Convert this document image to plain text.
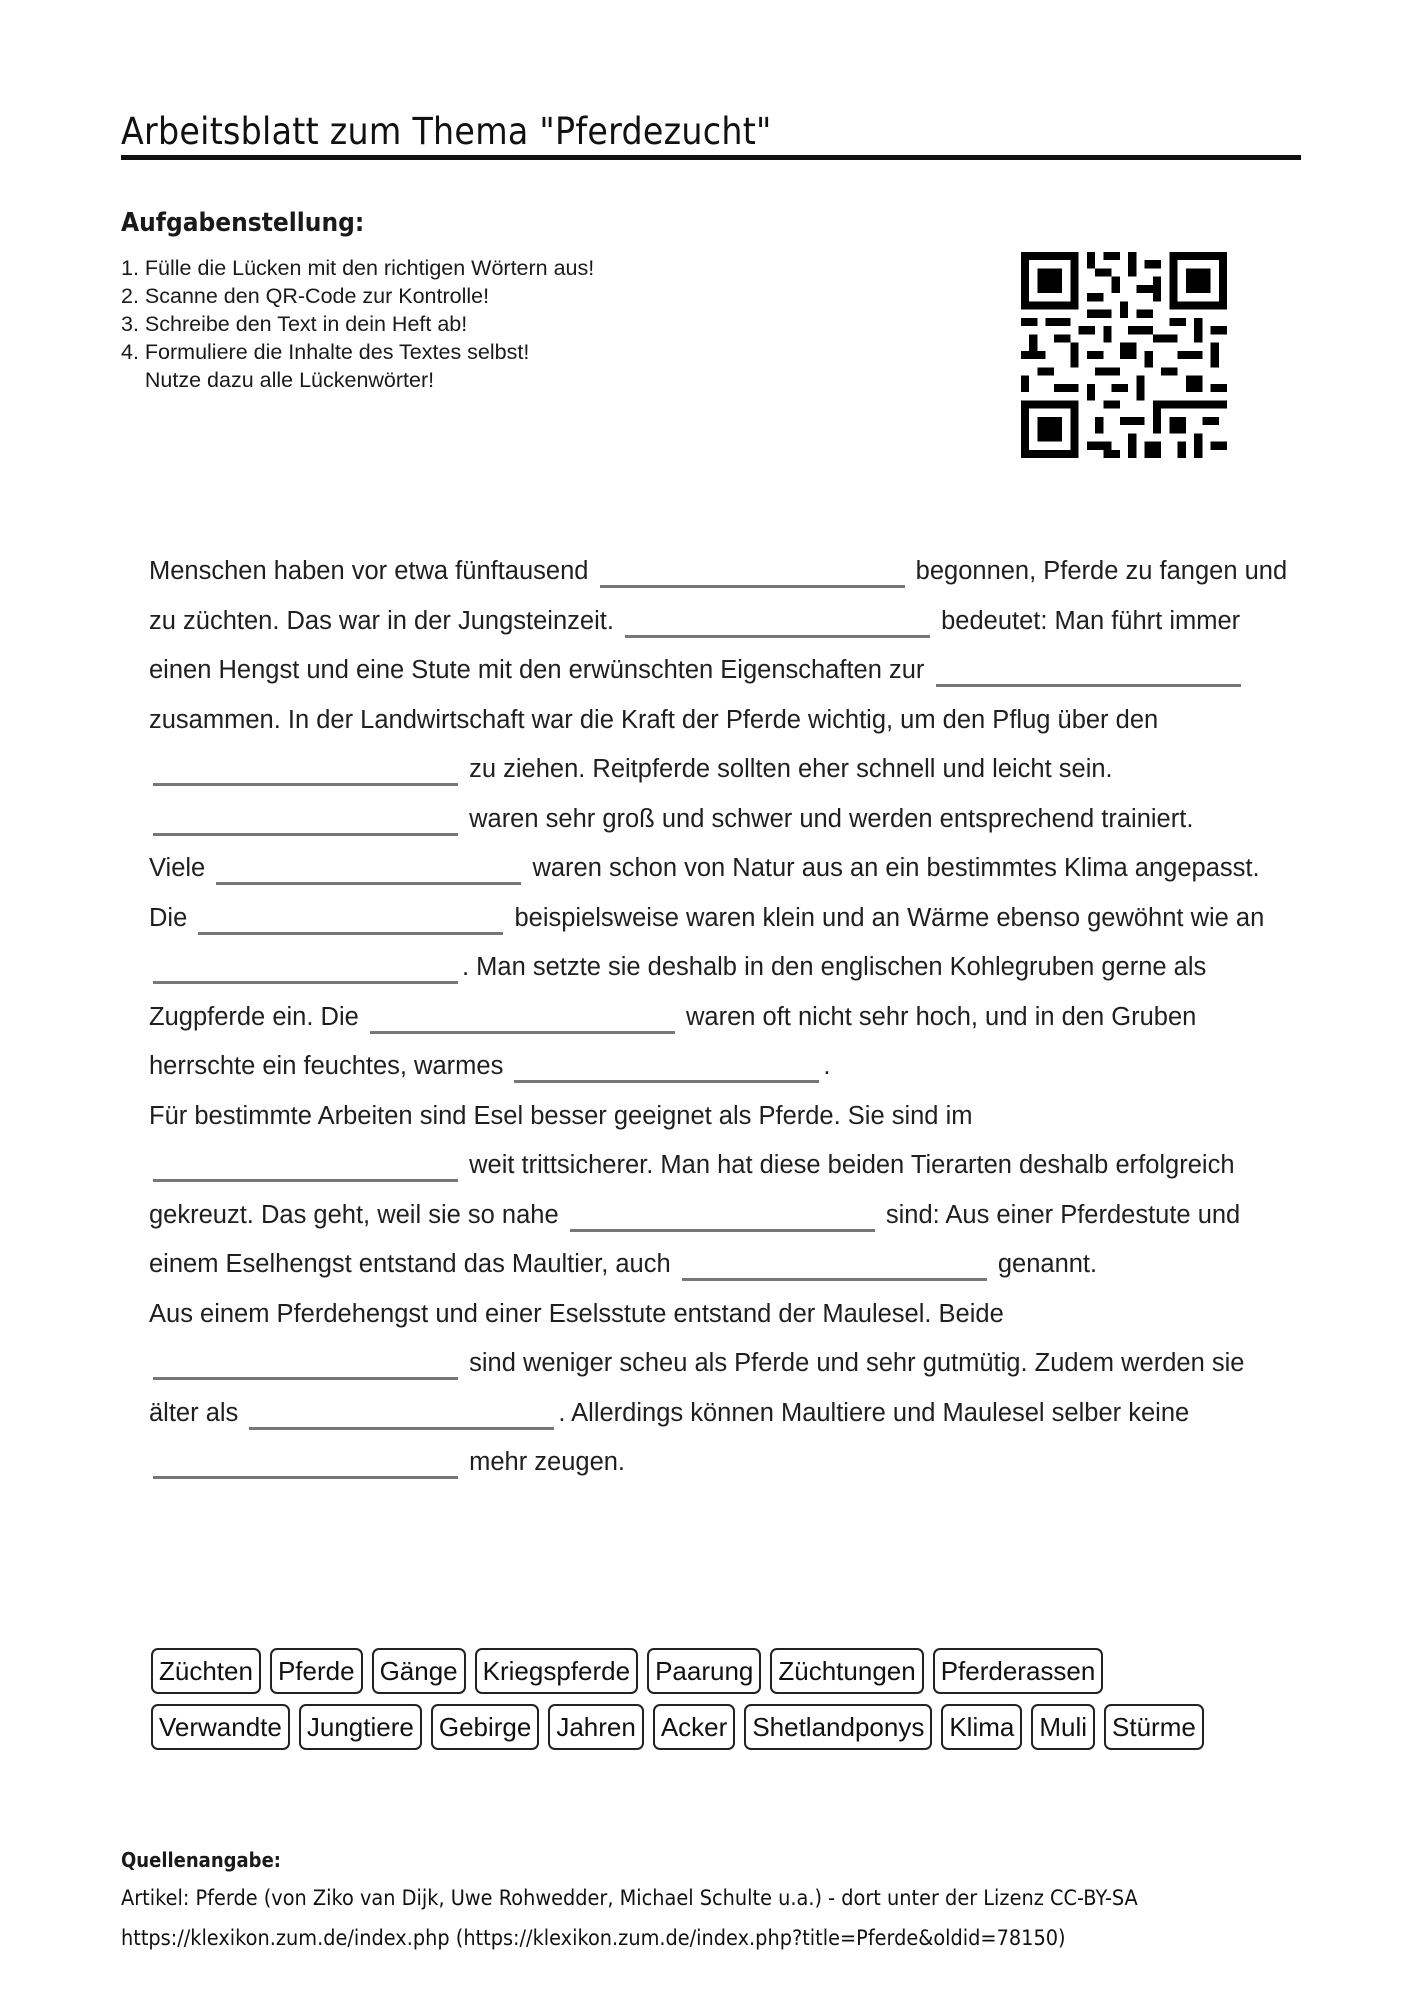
Arbeitsblatt zum Thema "Pferdezucht"
Aufgabenstellung:
1. Fülle die Lücken mit den richtigen Wörtern aus!
2. Scanne den QR-Code zur Kontrolle!
3. Schreibe den Text in dein Heft ab!
4. Formuliere die Inhalte des Textes selbst!
Nutze dazu alle Lückenwörter!

Menschen haben vor etwa fünftausend	begonnen, Pferde zu fangen und zu züchten. Das war in der Jungsteinzeit.	bedeutet: Man führt immer einen Hengst und eine Stute mit den erwünschten Eigenschaften zur  zusammen. In der Landwirtschaft war die Kraft der Pferde wichtig, um den Pflug über den  zu ziehen. Reitpferde sollten eher schnell und leicht sein.  waren sehr groß und schwer und werden entsprechend trainiert.

Viele	waren schon von Natur aus an ein bestimmtes Klima angepasst. Die	beispielsweise waren klein und an Wärme ebenso gewöhnt wie an . Man setzte sie deshalb in den englischen Kohlegruben gerne als Zugpferde ein. Die	waren oft nicht sehr hoch, und in den Gruben herrschte ein feuchtes, warmes	.

Für bestimmte Arbeiten sind Esel besser geeignet als Pferde. Sie sind im  weit trittsicherer. Man hat diese beiden Tierarten deshalb erfolgreich gekreuzt. Das geht, weil sie so nahe	sind: Aus einer Pferdestute und einem Eselhengst entstand das Maultier, auch	genannt.

Aus einem Pferdehengst und einer Eselsstute entstand der Maulesel. Beide  sind weniger scheu als Pferde und sehr gutmütig. Zudem werden sie älter als	. Allerdings können Maultiere und Maulesel selber keine  mehr zeugen.

Züchten Pferde Gänge Kriegspferde Paarung Züchtungen Pferderassen
Verwandte Jungtiere Gebirge Jahren Acker Shetlandponys Klima Muli Stürme
Quellenangabe:
Artikel: Pferde (von Ziko van Dijk, Uwe Rohwedder, Michael Schulte u.a.) - dort unter der Lizenz CC-BY-SA
https://klexikon.zum.de/index.php (https://klexikon.zum.de/index.php?title=Pferde&oldid=78150)
